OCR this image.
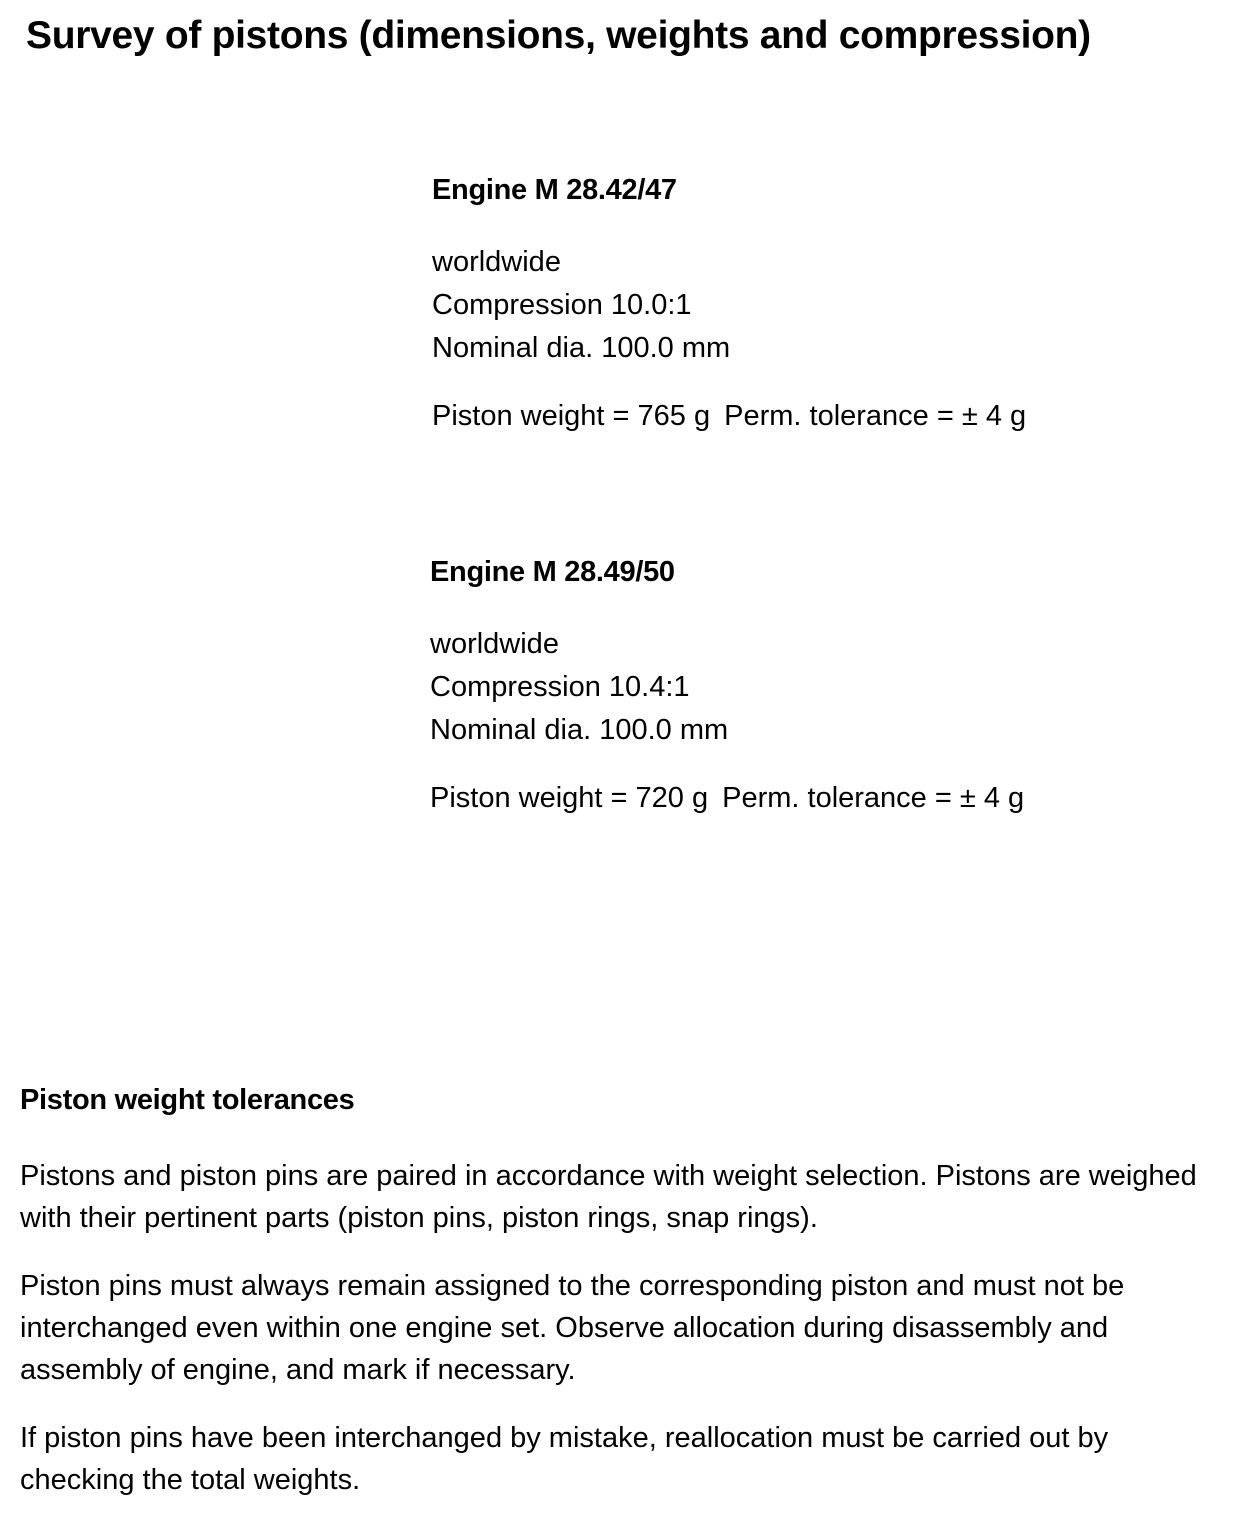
Survey of pistons (dimensions, weights and compression)
Engine M 28.42/47
worldwide
Compression 10.0:1
Nominal dia. 100.0 mm
Piston weight = 765 g Perm. tolerance = ± 4 g
Engine M 28.49/50
worldwide
Compression 10.4:1
Nominal dia. 100.0 mm
Piston weight = 720 g Perm. tolerance = ± 4 g
Piston weight tolerances

Pistons and piston pins are paired in accordance with weight selection. Pistons are weighed with their pertinent parts (piston pins, piston rings, snap rings).

Piston pins must always remain assigned to the corresponding piston and must not be interchanged even within one engine set. Observe allocation during disassembly and assembly of engine, and mark if necessary.

If piston pins have been interchanged by mistake, reallocation must be carried out by checking the total weights.
